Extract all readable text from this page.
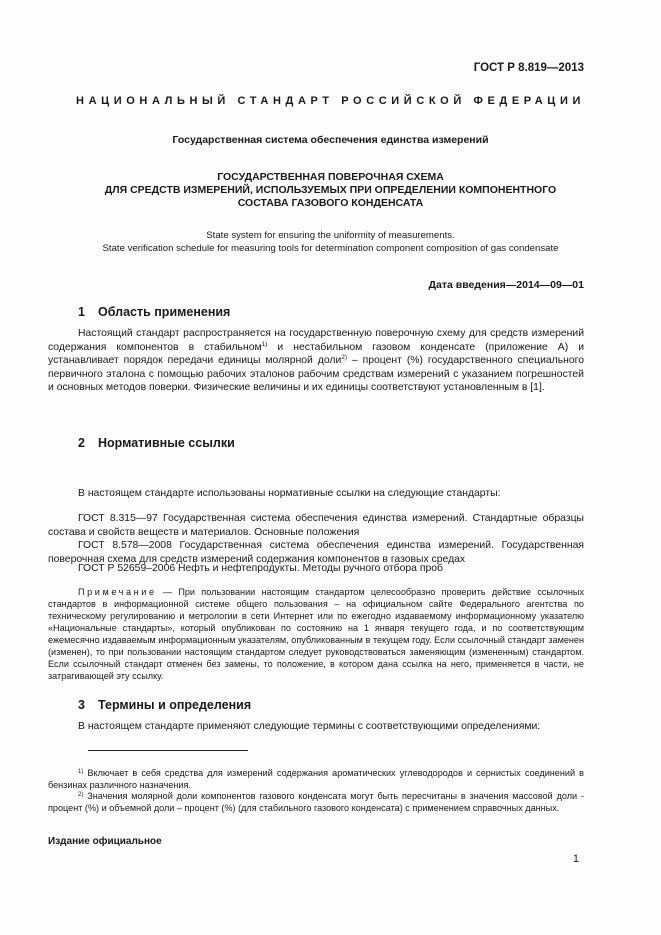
ГОСТ Р 8.819—2013
НАЦИОНАЛЬНЫЙ СТАНДАРТ РОССИЙСКОЙ ФЕДЕРАЦИИ
Государственная система обеспечения единства измерений
ГОСУДАРСТВЕННАЯ ПОВЕРОЧНАЯ СХЕМА
ДЛЯ СРЕДСТВ ИЗМЕРЕНИЙ, ИСПОЛЬЗУЕМЫХ ПРИ ОПРЕДЕЛЕНИИ КОМПОНЕНТНОГО
СОСТАВА ГАЗОВОГО КОНДЕНСАТА
State system for ensuring the uniformity of measurements.
State verification schedule for measuring tools for determination component composition of gas condensate
Дата введения—2014—09—01
1 Область применения
Настоящий стандарт распространяется на государственную поверочную схему для средств измерений содержания компонентов в стабильном$^{1)}$ и нестабильном газовом конденсате (приложение А) и устанавливает порядок передачи единицы молярной доли$^{2)}$ – процент (%) государственного специального первичного эталона с помощью рабочих эталонов рабочим средствам измерений с указанием погрешностей и основных методов поверки. Физические величины и их единицы соответствуют установленным в [1].
2 Нормативные ссылки
В настоящем стандарте использованы нормативные ссылки на следующие стандарты:
ГОСТ 8.315—97 Государственная система обеспечения единства измерений. Стандартные образцы состава и свойств веществ и материалов. Основные положения
ГОСТ 8.578—2008 Государственная система обеспечения единства измерений. Государственная поверочная схема для средств измерений содержания компонентов в газовых средах
ГОСТ Р 52659–2006 Нефть и нефтепродукты. Методы ручного отбора проб
Примечание — При пользовании настоящим стандартом целесообразно проверить действие ссылочных стандартов в информационной системе общего пользования – на официальном сайте Федерального агентства по техническому регулированию и метрологии в сети Интернет или по ежегодно издаваемому информационному указателю «Национальные стандарты», который опубликован по состоянию на 1 января текущего года, и по соответствующим ежемесячно издаваемым информационным указателям, опубликованным в текущем году. Если ссылочный стандарт заменен (изменен), то при пользовании настоящим стандартом следует руководствоваться заменяющим (измененным) стандартом. Если ссылочный стандарт отменен без замены, то положение, в котором дана ссылка на него, применяется в части, не затрагивающей эту ссылку.
3 Термины и определения
В настоящем стандарте применяют следующие термины с соответствующими определениями:
$^{1)}$ Включает в себя средства для измерений содержания ароматических углеводородов и сернистых соединений в бензинах различного назначения.
$^{2)}$ Значения молярной доли компонентов газового конденсата могут быть пересчитаны в значения массовой доли - процент (%) и объемной доли – процент (%) (для стабильного газового конденсата) с применением справочных данных.
Издание официальное
1
